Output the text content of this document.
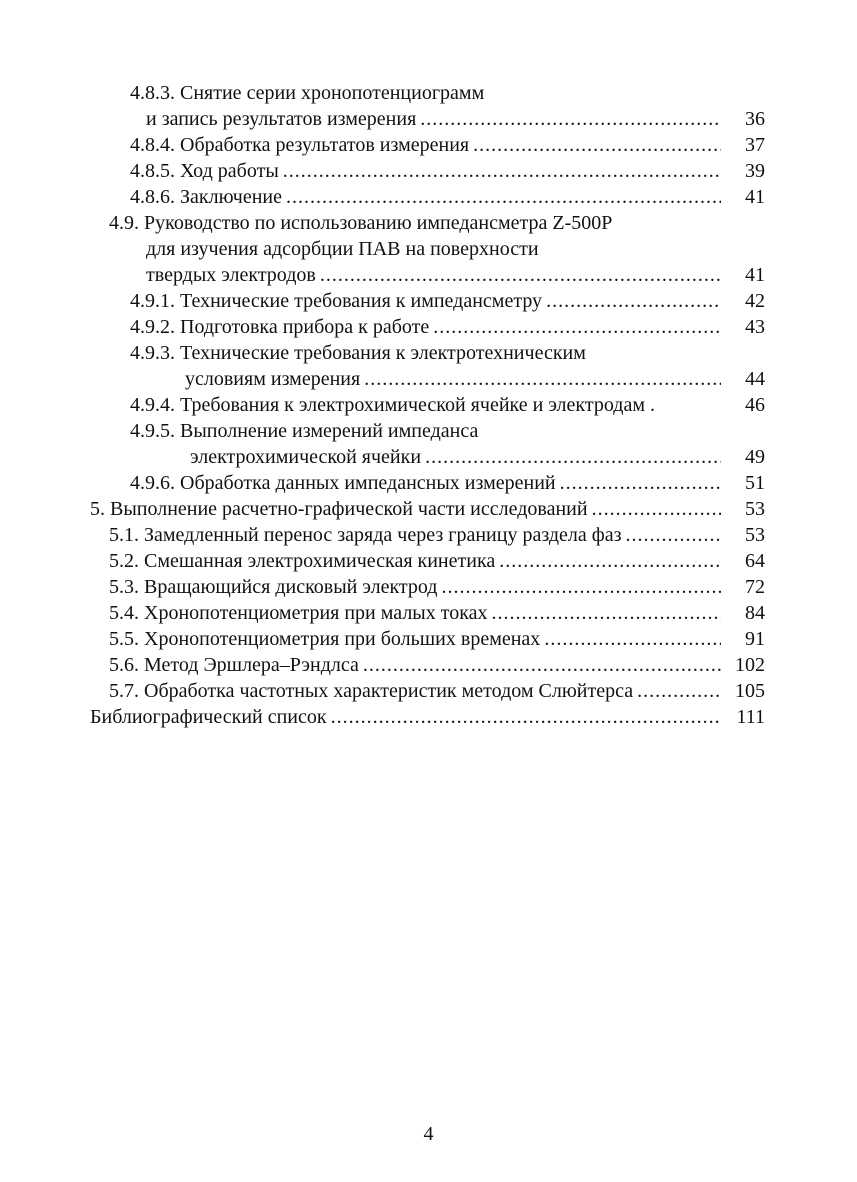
4.8.3. Снятие серии хронопотенциограмм
и запись результатов измерения .....	36
4.8.4. Обработка результатов измерения .....	37
4.8.5. Ход работы .....	39
4.8.6. Заключение .....	41
4.9. Руководство по использованию импедансметра Z-500P
для изучения адсорбции ПАВ на поверхности
твердых электродов .....	41
4.9.1. Технические требования к импедансметру .....	42
4.9.2. Подготовка прибора к работе .....	43
4.9.3. Технические требования к электротехническим
условиям измерения .....	44
4.9.4. Требования к электрохимической ячейке и электродам .	46
4.9.5. Выполнение измерений импеданса
электрохимической ячейки .....	49
4.9.6. Обработка данных импедансных измерений .....	51
5. Выполнение расчетно-графической части исследований .....	53
5.1. Замедленный перенос заряда через границу раздела фаз .....	53
5.2. Смешанная электрохимическая кинетика .....	64
5.3. Вращающийся дисковый электрод .....	72
5.4. Хронопотенциометрия при малых токах .....	84
5.5. Хронопотенциометрия при больших временах .....	91
5.6. Метод Эршлера–Рэндлса .....	102
5.7. Обработка частотных характеристик методом Слюйтерса .....	105
Библиографический список .....	111
4
